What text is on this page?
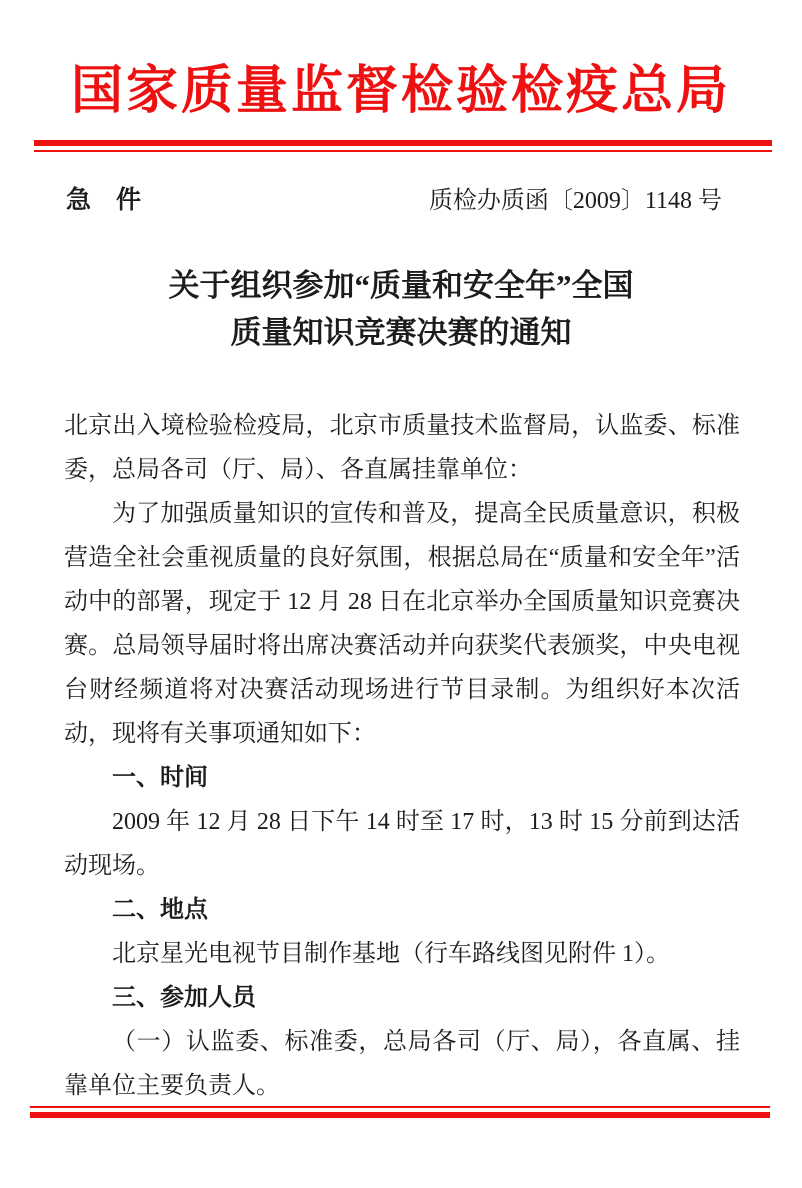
国家质量监督检验检疫总局
急　件	质检办质函〔2009〕1148 号
关于组织参加“质量和安全年”全国
质量知识竞赛决赛的通知

北京出入境检验检疫局，北京市质量技术监督局，认监委、标准委，总局各司（厅、局）、各直属挂靠单位：

为了加强质量知识的宣传和普及，提高全民质量意识，积极营造全社会重视质量的良好氛围，根据总局在“质量和安全年”活动中的部署，现定于 12 月 28 日在北京举办全国质量知识竞赛决赛。总局领导届时将出席决赛活动并向获奖代表颁奖，中央电视台财经频道将对决赛活动现场进行节目录制。为组织好本次活动，现将有关事项通知如下：

一、时间

2009 年 12 月 28 日下午 14 时至 17 时，13 时 15 分前到达活动现场。

二、地点

北京星光电视节目制作基地（行车路线图见附件 1）。

三、参加人员

（一）认监委、标准委，总局各司（厅、局），各直属、挂靠单位主要负责人。
